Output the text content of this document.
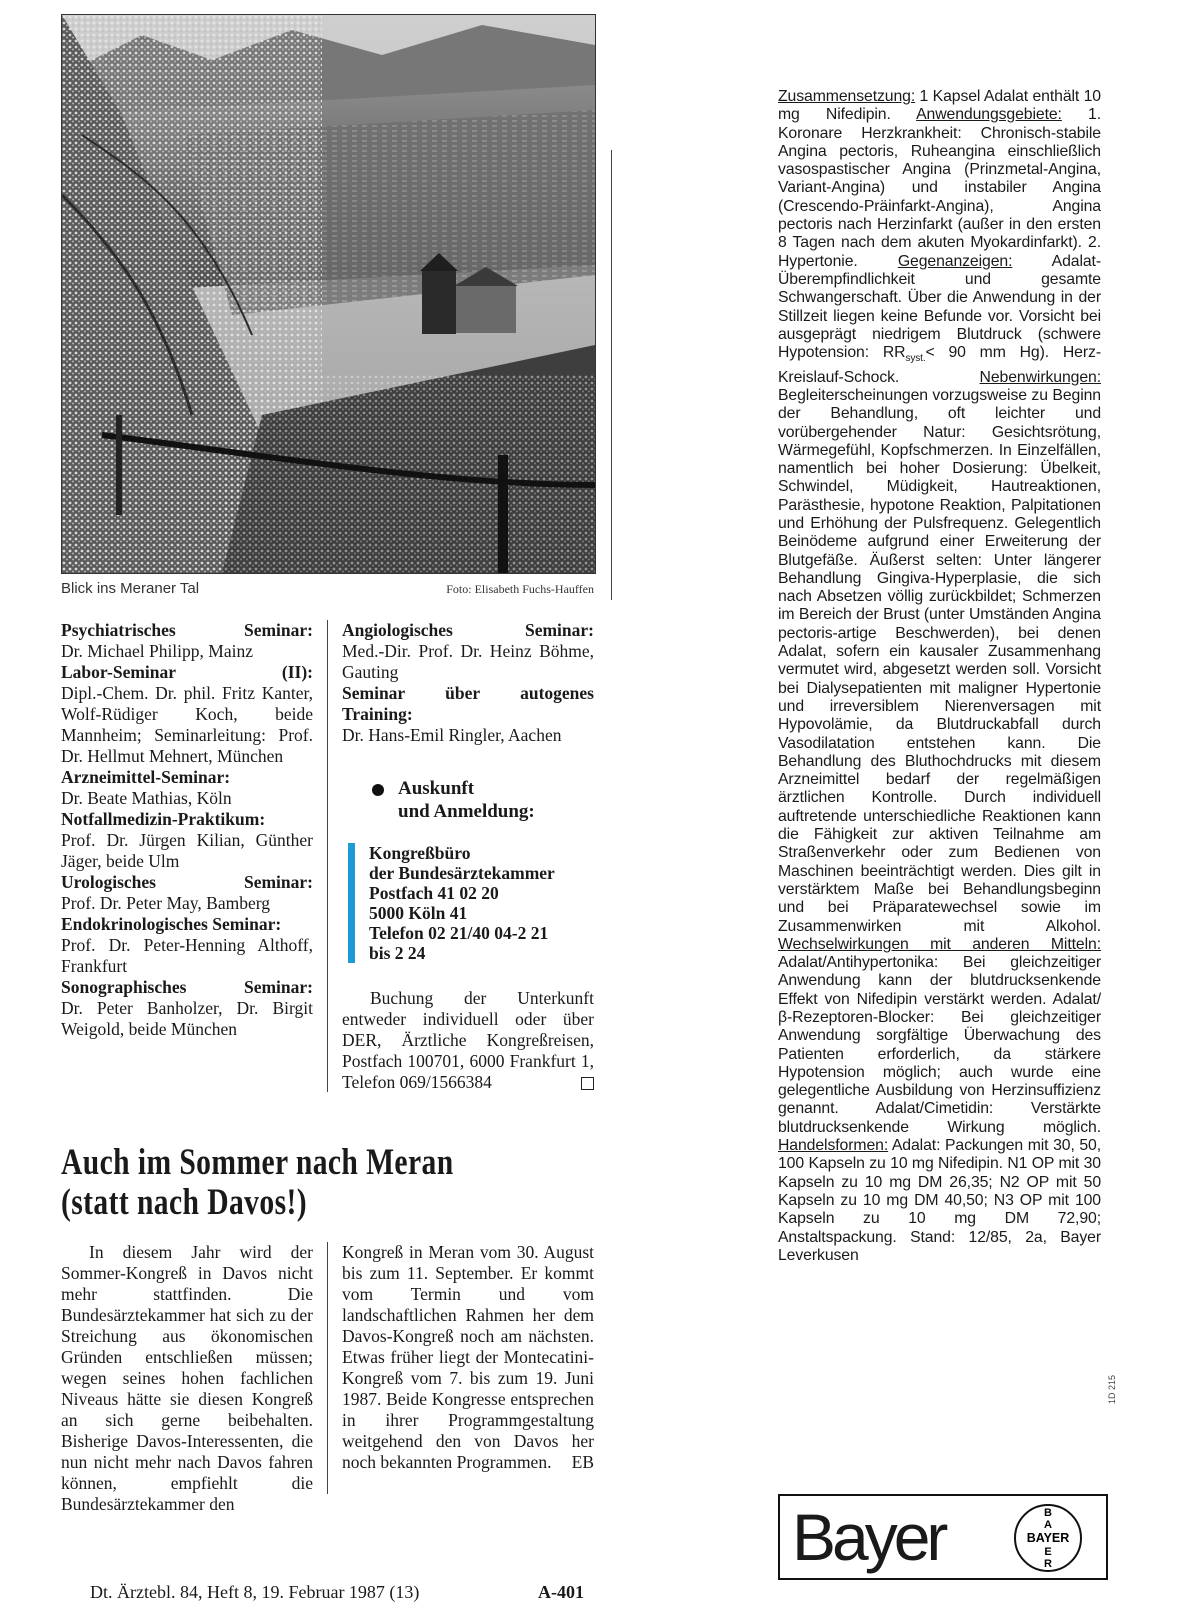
Blick ins Meraner Tal	Foto: Elisabeth Fuchs-Hauffen
Psychiatrisches Seminar:
Dr. Michael Philipp, Mainz
Labor-Seminar (II):
Dipl.-Chem. Dr. phil. Fritz Kanter, Wolf-Rüdiger Koch, beide Mannheim; Seminarleitung: Prof. Dr. Hellmut Mehnert, München
Arzneimittel-Seminar:
Dr. Beate Mathias, Köln
Notfallmedizin-Praktikum:
Prof. Dr. Jürgen Kilian, Günther Jäger, beide Ulm
Urologisches Seminar:
Prof. Dr. Peter May, Bamberg
Endokrinologisches Seminar:
Prof. Dr. Peter-Henning Althoff, Frankfurt
Sonographisches Seminar:
Dr. Peter Banholzer, Dr. Birgit Weigold, beide München
Angiologisches Seminar:
Med.-Dir. Prof. Dr. Heinz Böhme, Gauting
Seminar über autogenes Training:
Dr. Hans-Emil Ringler, Aachen
Auskunft
und Anmeldung:
Kongreßbüro
der Bundesärztekammer
Postfach 41 02 20
5000 Köln 41
Telefon 02 21/40 04-2 21
bis 2 24
Buchung der Unterkunft entweder individuell oder über DER, Ärztliche Kongreßreisen, Postfach 100701, 6000 Frankfurt 1, Telefon 069/1566384
Auch im Sommer nach Meran
(statt nach Davos!)
In diesem Jahr wird der Sommer-Kongreß in Davos nicht mehr stattfinden. Die Bundesärztekammer hat sich zu der Streichung aus ökonomischen Gründen entschließen müssen; wegen seines hohen fachlichen Niveaus hätte sie diesen Kongreß an sich gerne beibehalten. Bisherige Davos-Interessenten, die nun nicht mehr nach Davos fahren können, empfiehlt die Bundesärztekammer den
Kongreß in Meran vom 30. August bis zum 11. September. Er kommt vom Termin und vom landschaftlichen Rahmen her dem Davos-Kongreß noch am nächsten. Etwas früher liegt der Montecatini-Kongreß vom 7. bis zum 19. Juni 1987. Beide Kongresse entsprechen in ihrer Programmgestaltung weitgehend den von Davos her noch bekannten Programmen. EB
Dt. Ärztebl. 84, Heft 8, 19. Februar 1987 (13)	A-401
Zusammensetzung: 1 Kapsel Adalat enthält 10 mg Nifedipin. Anwendungsgebiete: 1. Koronare Herzkrankheit: Chronisch-stabile Angina pectoris, Ruheangina einschließlich vasospastischer Angina (Prinzmetal-Angina, Variant-Angina) und instabiler Angina (Crescendo-Präinfarkt-Angina), Angina pectoris nach Herzinfarkt (außer in den ersten 8 Tagen nach dem akuten Myokardinfarkt). 2. Hypertonie.	Gegenanzeigen: Adalat-Überempfindlichkeit und gesamte Schwangerschaft. Über die Anwendung in der Stillzeit liegen keine Befunde vor. Vorsicht bei ausgeprägt niedrigem Blutdruck (schwere Hypotension: $RR_{syst.}< 90$ mm Hg). Herz-Kreislauf-Schock.	Nebenwirkungen: Begleiterscheinungen vorzugsweise zu Beginn der Behandlung, oft leichter und vorübergehender Natur: Gesichtsrötung, Wärmegefühl, Kopfschmerzen. In Einzelfällen, namentlich bei hoher Dosierung: Übelkeit, Schwindel, Müdigkeit, Hautreaktionen, Parästhesie, hypotone Reaktion, Palpitationen und Erhöhung der Pulsfrequenz. Gelegentlich Beinödeme aufgrund einer Erweiterung der Blutgefäße. Äußerst selten: Unter längerer Behandlung Gingiva-Hyperplasie, die sich nach Absetzen völlig zurückbildet; Schmerzen im Bereich der Brust (unter Umständen Angina pectoris-artige Beschwerden), bei denen Adalat, sofern ein kausaler Zusammenhang vermutet wird, abgesetzt werden soll. Vorsicht bei Dialysepatienten mit maligner Hypertonie und irreversiblem Nierenversagen mit Hypovolämie, da Blutdruckabfall durch Vasodilatation entstehen kann. Die Behandlung des Bluthochdrucks mit diesem Arzneimittel bedarf der regelmäßigen ärztlichen Kontrolle. Durch individuell auftretende unterschiedliche Reaktionen kann die Fähigkeit zur aktiven Teilnahme am Straßenverkehr oder zum Bedienen von Maschinen beeinträchtigt werden. Dies gilt in verstärktem Maße bei Behandlungsbeginn und bei Präparatewechsel sowie im Zusammenwirken mit Alkohol. Wechselwirkungen mit anderen Mitteln: Adalat/Antihypertonika: Bei gleichzeitiger Anwendung kann der blutdrucksenkende Effekt von Nifedipin verstärkt werden. Adalat/β-Rezeptoren-Blocker: Bei gleichzeitiger Anwendung sorgfältige Überwachung des Patienten erforderlich, da stärkere Hypotension möglich; auch wurde eine gelegentliche Ausbildung von Herzinsuffizienz genannt. Adalat/Cimetidin: Verstärkte blutdrucksenkende Wirkung möglich. Handelsformen: Adalat: Packungen mit 30, 50, 100 Kapseln zu 10 mg Nifedipin. N1 OP mit 30 Kapseln zu 10 mg DM 26,35; N2 OP mit 50 Kapseln zu 10 mg DM 40,50; N3 OP mit 100 Kapseln zu 10 mg DM 72,90; Anstaltspackung. Stand: 12/85, 2a, Bayer Leverkusen
1D 215
Bayer	B
A
BAYER
E
R
